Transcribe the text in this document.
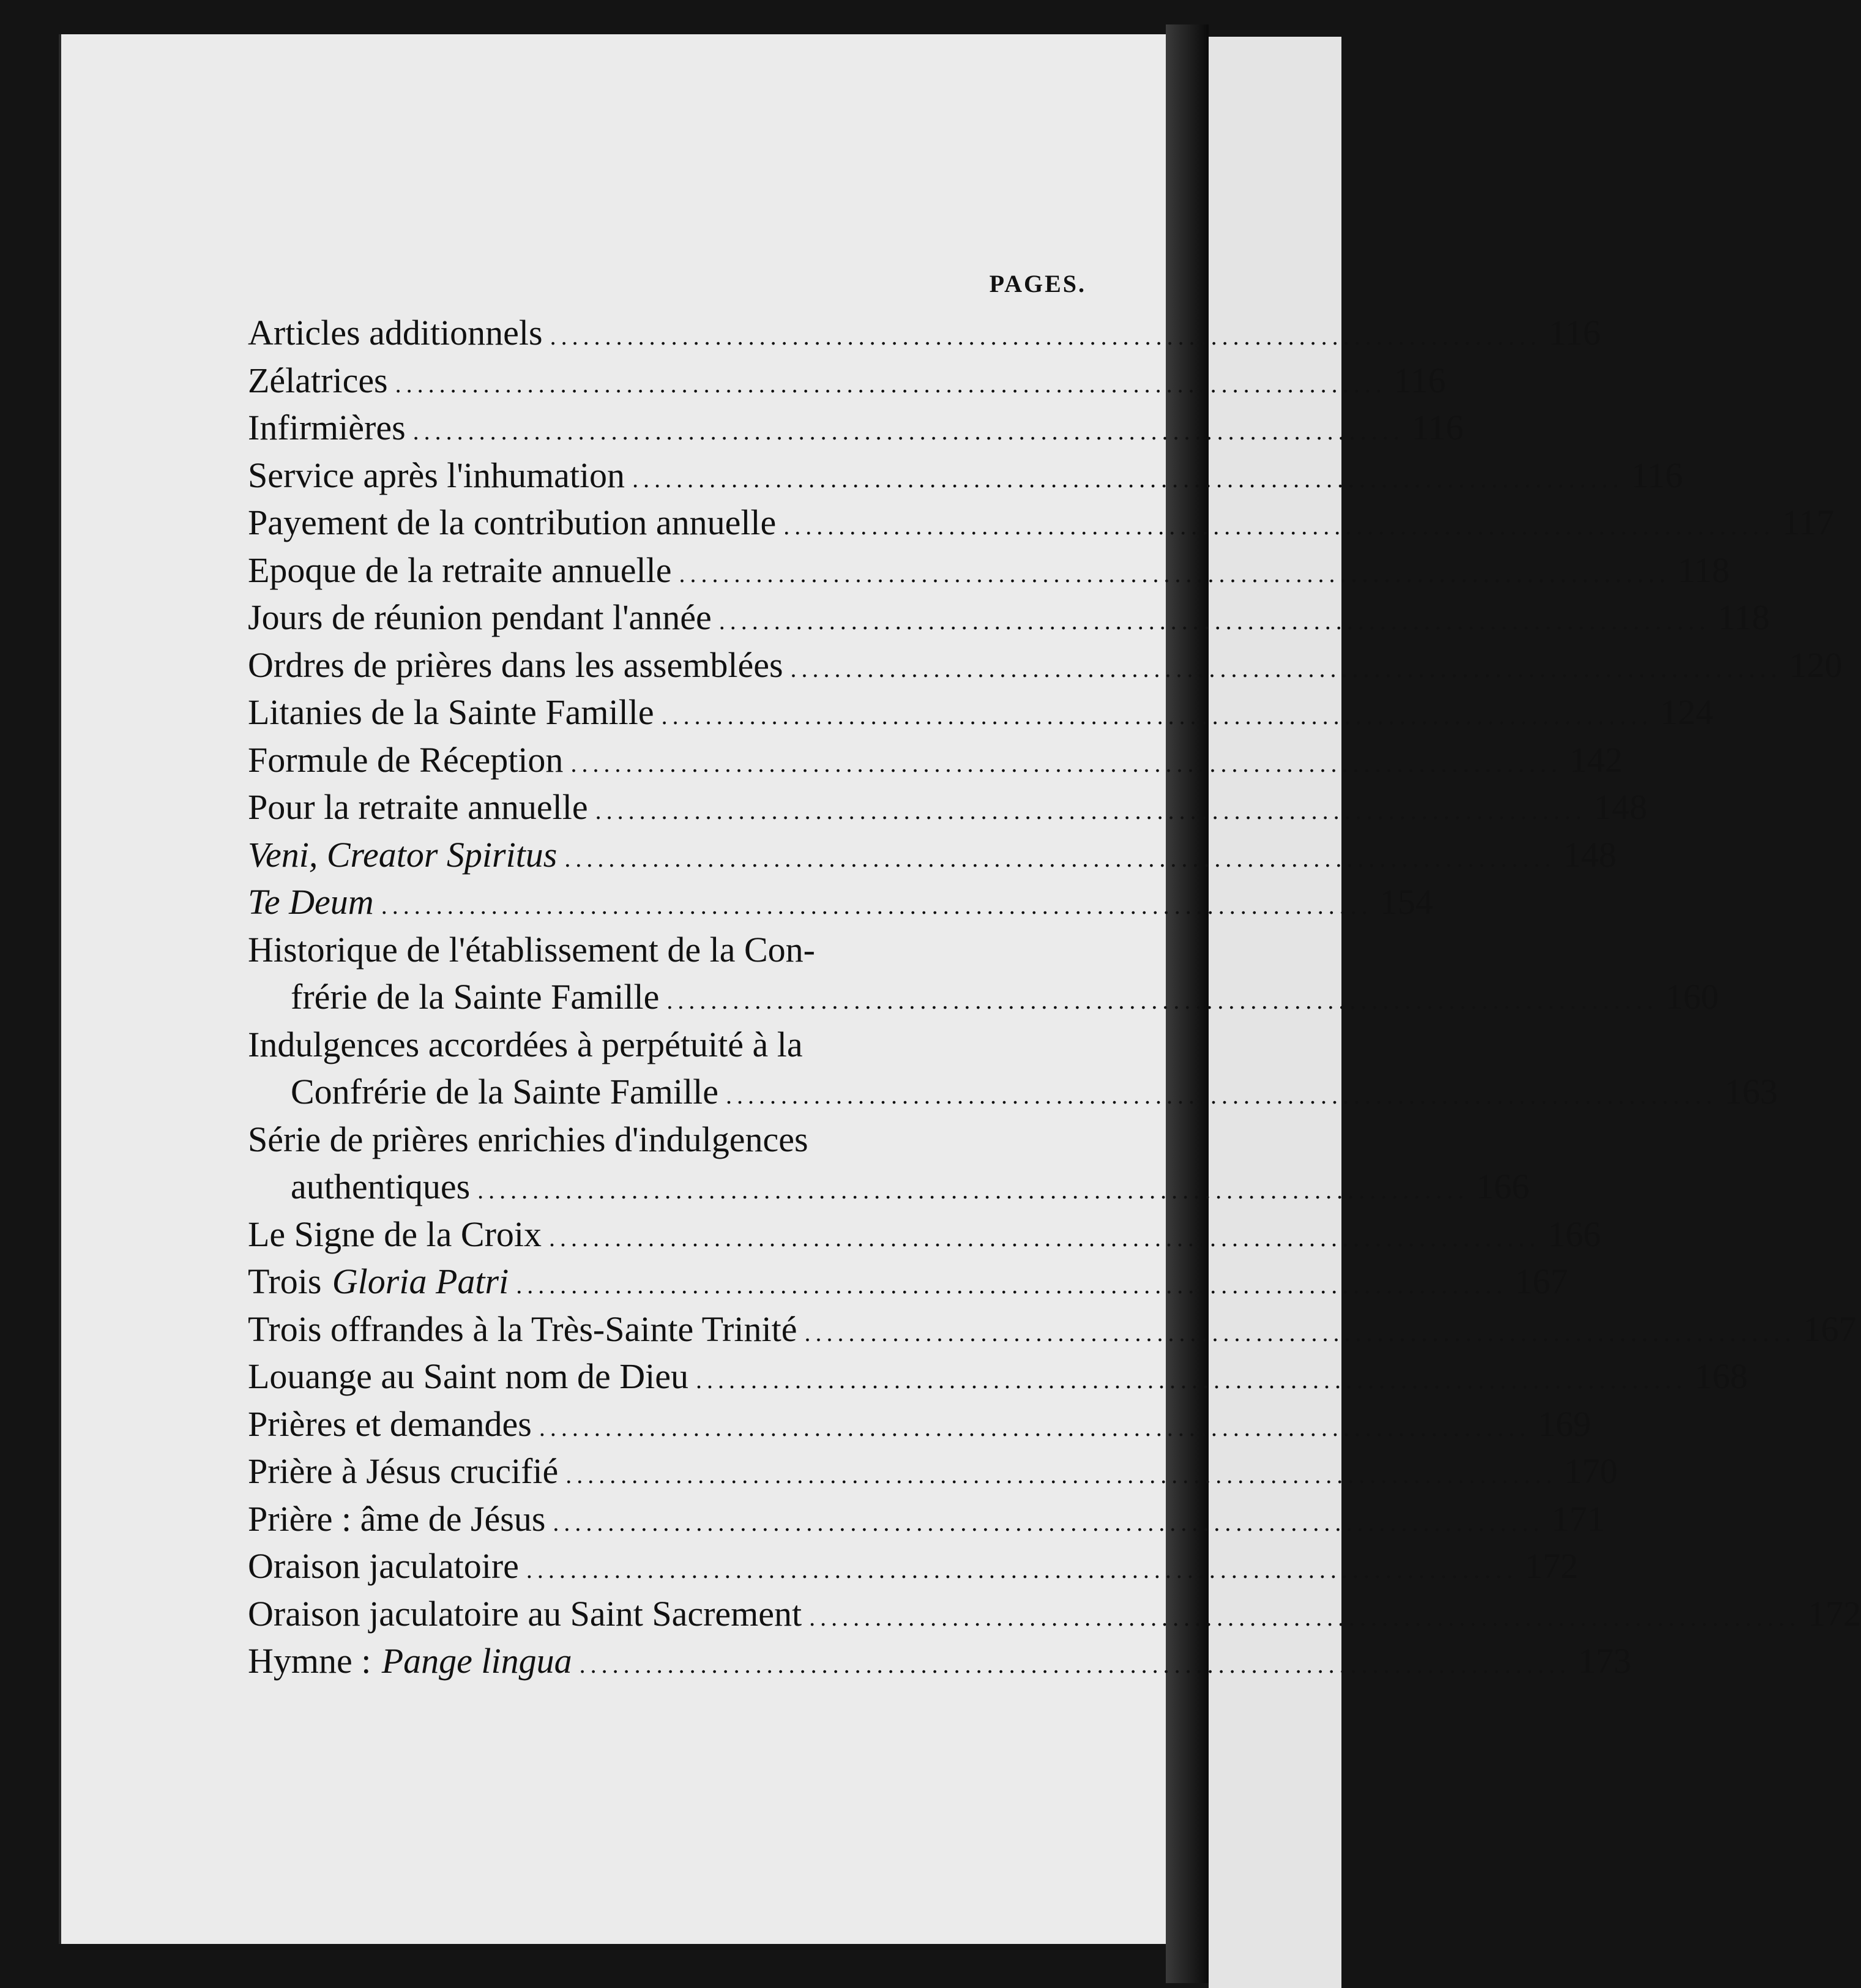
PAGES.
Articles additionnels .......................................................................................... 116
Zélatrices .......................................................................................... 116
Infirmières .......................................................................................... 116
Service après l'inhumation .......................................................................................... 116
Payement de la contribution annuelle .......................................................................................... 117
Epoque de la retraite annuelle .......................................................................................... 118
Jours de réunion pendant l'année .......................................................................................... 118
Ordres de prières dans les assemblées .......................................................................................... 120
Litanies de la Sainte Famille .......................................................................................... 124
Formule de Réception .......................................................................................... 142
Pour la retraite annuelle .......................................................................................... 148
Veni, Creator Spiritus .......................................................................................... 148
Te Deum .......................................................................................... 154
Historique de l'établissement de la Con-
frérie de la Sainte Famille .......................................................................................... 160
Indulgences accordées à perpétuité à la
Confrérie de la Sainte Famille .......................................................................................... 163
Série de prières enrichies d'indulgences
authentiques .......................................................................................... 166
Le Signe de la Croix .......................................................................................... 166
Trois Gloria Patri .......................................................................................... 167
Trois offrandes à la Très-Sainte Trinité .......................................................................................... 167
Louange au Saint nom de Dieu .......................................................................................... 168
Prières et demandes .......................................................................................... 169
Prière à Jésus crucifié .......................................................................................... 170
Prière : âme de Jésus .......................................................................................... 171
Oraison jaculatoire .......................................................................................... 172
Oraison jaculatoire au Saint Sacrement .......................................................................................... 172
Hymne : Pange lingua .......................................................................................... 173
